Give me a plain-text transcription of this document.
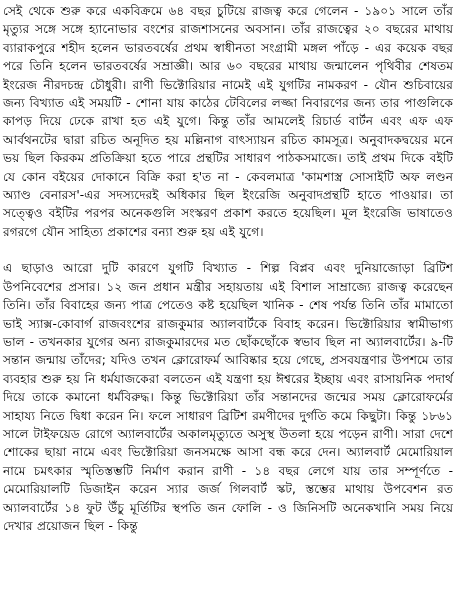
সেই থেকে শুরু করে একবিক্রমে ৬৪ বছর চুটিয়ে রাজত্ব করে গেলেন - ১৯০১ সালে তাঁর মৃত্যুর সঙ্গে সঙ্গে হ্যানোভার বংশের রাজশাসনের অবসান। তাঁর রাজত্বের ২০ বছরের মাথায় ব্যারাকপুরে শহীদ হলেন ভারতবর্ষের প্রথম স্বাধীনতা সংগ্রামী মঙ্গল পাঁড়ে - এর কয়েক বছর পরে তিনি হলেন ভারতবর্ষের সম্রাজ্ঞী। আর ৬০ বছরের মাথায় জন্মালেন পৃথিবীর শেষতম ইংরেজ নীরদচন্দ্র চৌধুরী। রাণী ভিক্টোরিয়ার নামেই এই যুগটির নামকরণ - যৌন শুচিবায়ের জন্য বিখ্যাত এই সময়টি - শোনা যায় কাঠের টেবিলের লজ্জা নিবারণের জন্য তার পাগুলিকে কাপড় দিয়ে ঢেকে রাখা হত এই যুগে। কিন্তু তাঁর আমলেই রিচার্ড বার্টন এবং এফ এফ আর্বথনটের দ্বারা রচিত অনূদিত হয় মল্লিনাগ বাৎস্যায়ন রচিত কামসূত্র। অনুবাদকদ্বয়ের মনে ভয় ছিল কিরকম প্রতিক্রিয়া হতে পারে প্রন্থটির সাধারণ পাঠকসমাজে। তাই প্রথম দিকে বইটি যে কোন বইয়ের দোকানে বিক্রি করা হ'ত না - কেবলমাত্র 'কামশাস্ত্র সোসাইটি অফ লণ্ডন অ্যাণ্ড বেনারস'-এর সদস্যদেরই অধিকার ছিল ইংরেজি অনুবাদপ্রন্থটি হাতে পাওয়ার। তা সত্ত্বেও বইটির পরপর অনেকগুলি সংস্করণ প্রকাশ করতে হয়েছিল। মূল ইংরেজি ভাষাতেও রগরগে যৌন সাহিত্য প্রকাশের বন্যা শুরু হয় এই যুগে।

এ ছাড়াও আরো দুটি কারণে যুগটি বিখ্যাত - শিল্প বিপ্লব এবং দুনিয়াজোড়া ব্রিটিশ উপনিবেশের প্রসার। ১২ জন প্রধান মন্ত্রীর সহায়তায় এই বিশাল সাম্রাজ্যে রাজত্ব করেছেন তিনি। তাঁর বিবাহের জন্য পাত্র পেতেও কষ্ট হয়েছিল খানিক - শেষ পর্যন্ত তিনি তাঁর মামাতো ভাই স্যাক্স-কোবার্গ রাজবংশের রাজকুমার অ্যালবার্টকে বিবাহ করেন। ভিক্টোরিয়ার স্বামীভাগ্য ভাল - তখনকার যুগের অন্য রাজকুমারদের মত ছোঁকছোঁকে স্বভাব ছিল না অ্যালবার্টের। ৯-টি সন্তান জন্মায় তাঁদের; যদিও তখন ক্লোরোফর্ম আবিষ্কার হয়ে গেছে, প্রসবযন্ত্রণার উপশমে তার ব্যবহার শুরু হয় নি ধর্মযাজকেরা বলতেন এই যন্ত্রণা হয় ঈশ্বরের ইচ্ছায় এবং রাসায়নিক পদার্থ দিয়ে তাকে কমানো ধর্মবিরুদ্ধ। কিন্তু ভিক্টোরিয়া তাঁর সন্তানদের জন্মের সময় ক্লোরোফর্মের সাহায্য নিতে দ্বিধা করেন নি। ফলে সাধারণ ব্রিটিশ রমণীদের দুর্গতি কমে কিছুটা। কিন্তু ১৮৬১ সালে টাইফয়েড রোগে অ্যালবার্টের অকালমৃত্যুতে অসুস্থ উতলা হয়ে পড়েন রাণী। সারা দেশে শোকের ছায়া নামে এবং ভিক্টোরিয়া জনসমক্ষে আসা বন্ধ করে দেন। অ্যালবার্ট মেমোরিয়াল নামে চমৎকার স্মৃতিস্তম্ভটি নির্মাণ করান রাণী - ১৪ বছর লেগে যায় তার সম্পূর্ণতে - মেমোরিয়ালটি ডিজাইন করেন স্যার জর্জ গিলবার্ট স্কট, স্তম্ভের মাথায় উপবেশন রত অ্যালবার্টের ১৪ ফুট উঁচু মূর্তিটির স্থপতি জন ফোলি - ও জিনিসটি অনেকখানি সময় নিয়ে দেখার প্রয়োজন ছিল - কিন্তু
